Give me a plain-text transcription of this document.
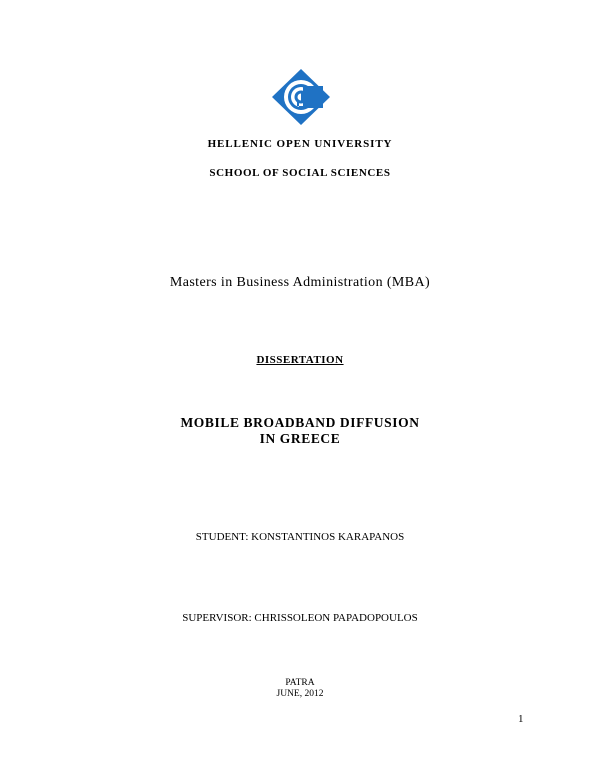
HELLENIC OPEN UNIVERSITY
SCHOOL OF SOCIAL SCIENCES
Masters in Business Administration (MBA)
DISSERTATION
MOBILE BROADBAND DIFFUSION
IN GREECE
STUDENT: KONSTANTINOS KARAPANOS
SUPERVISOR: CHRISSOLEON PAPADOPOULOS
PATRA
JUNE, 2012
1
